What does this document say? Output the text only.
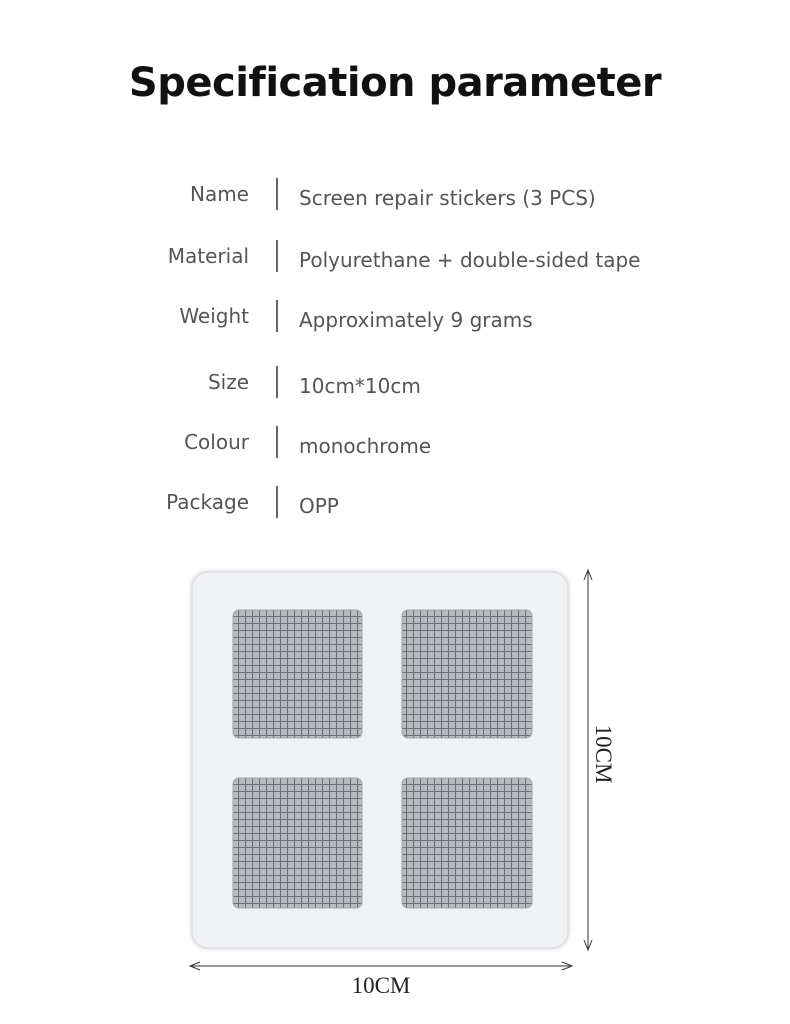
Specification parameter
Name	Screen repair stickers (3 PCS)
Material	Polyurethane + double-sided tape
Weight	Approximately 9 grams
Size	10cm*10cm
Colour	monochrome
Package	OPP
10CM
10CM
